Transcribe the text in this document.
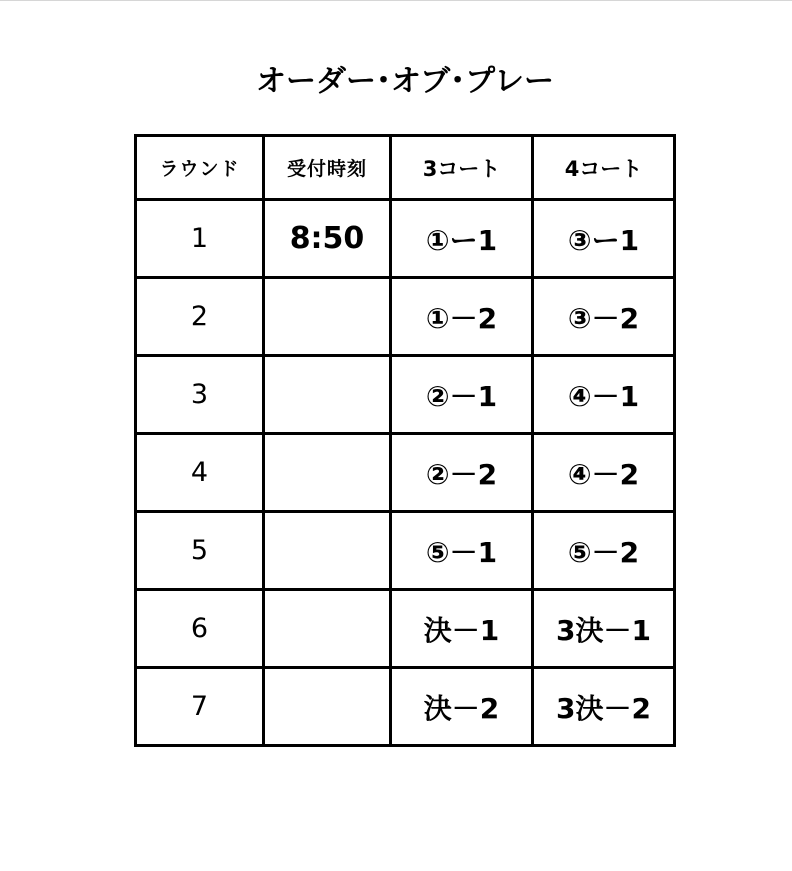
オーダー･オブ･プレー
ラウンド	受付時刻	3コート	4コート
1	8:50	①ー1	③ー1
2		①－2	③－2
3		②－1	④－1
4		②－2	④－2
5		⑤－1	⑤－2
6		決－1	3決－1
7		決－2	3決－2
